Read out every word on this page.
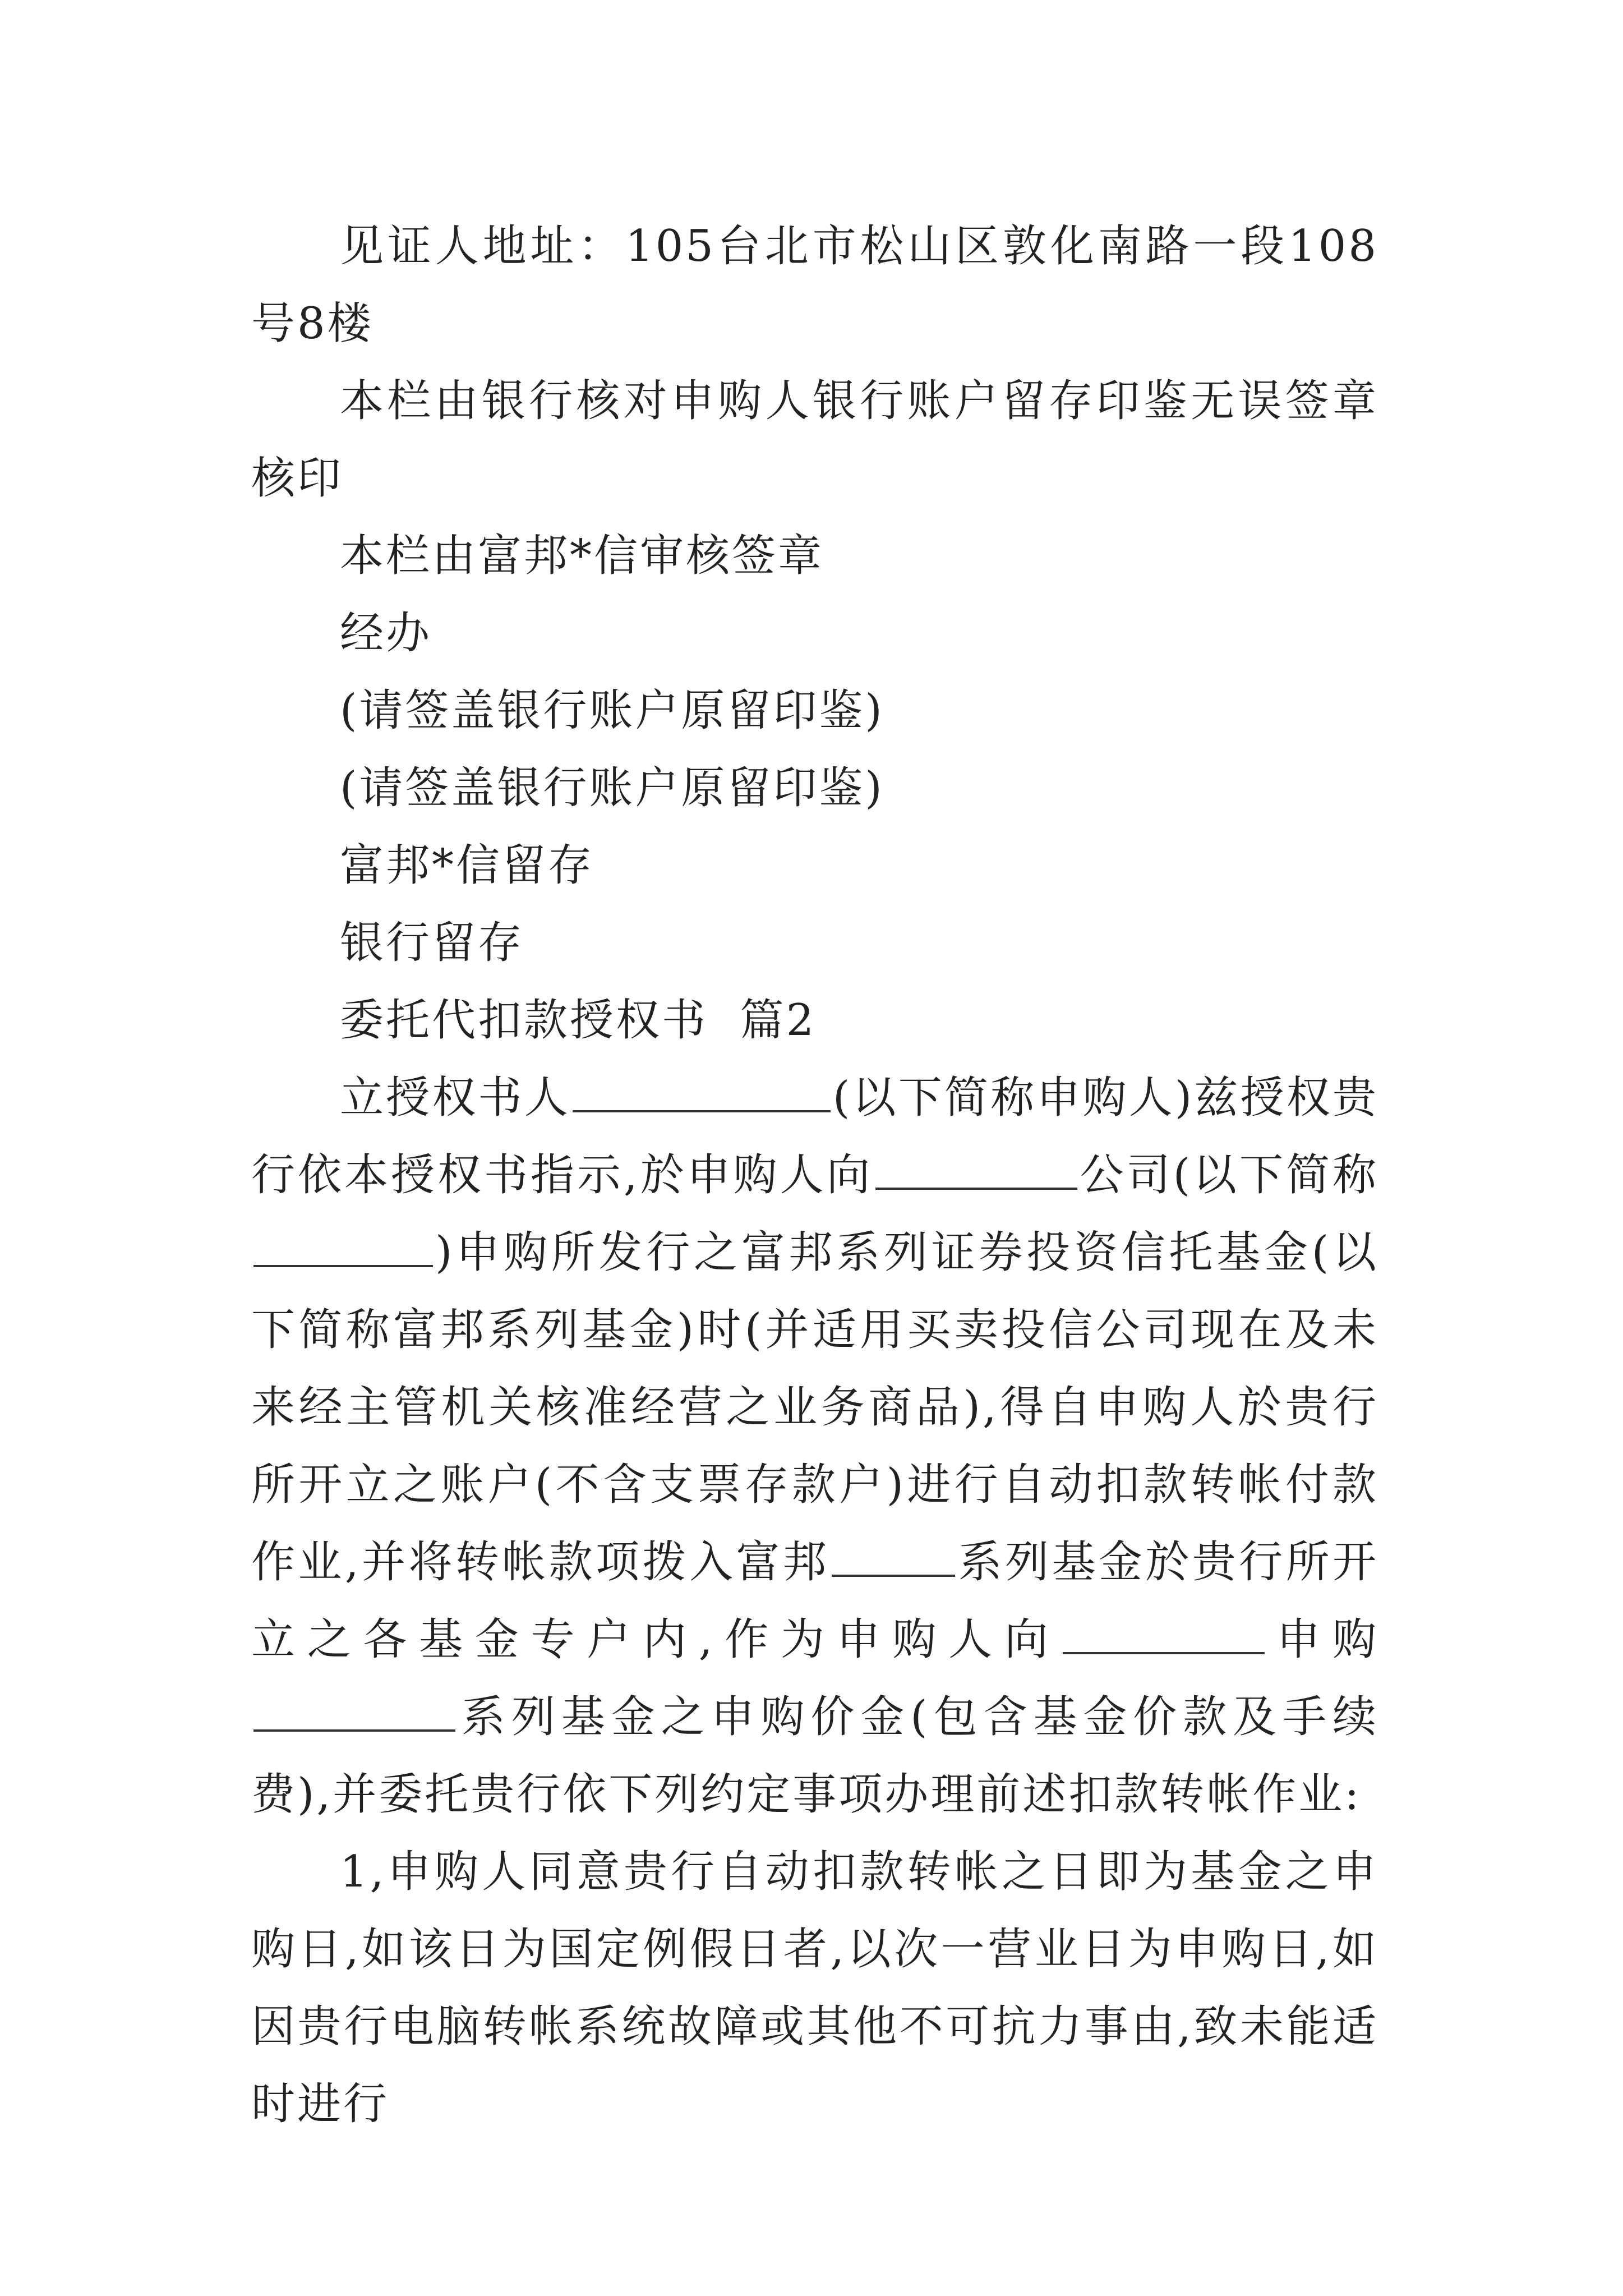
见证人地址：105台北市松山区敦化南路一段108号8楼

本栏由银行核对申购人银行账户留存印鉴无误签章核印

本栏由富邦*信审核签章

经办

(请签盖银行账户原留印鉴)

(请签盖银行账户原留印鉴)

富邦*信留存

银行留存

委托代扣款授权书  篇2

立授权书人	(以下简称申购人)兹授权贵行依本授权书指示,於申购人向	公司(以下简称)申购所发行之富邦系列证券投资信托基金(以下简称富邦系列基金)时(并适用买卖投信公司现在及未来经主管机关核准经营之业务商品),得自申购人於贵行所开立之账户(不含支票存款户)进行自动扣款转帐付款作业,并将转帐款项拨入富邦	系列基金於贵行所开立之各基金专户内,作为申购人向	申购系列基金之申购价金(包含基金价款及手续费),并委托贵行依下列约定事项办理前述扣款转帐作业:

1,申购人同意贵行自动扣款转帐之日即为基金之申购日,如该日为国定例假日者,以次一营业日为申购日,如因贵行电脑转帐系统故障或其他不可抗力事由,致未能适时进行
